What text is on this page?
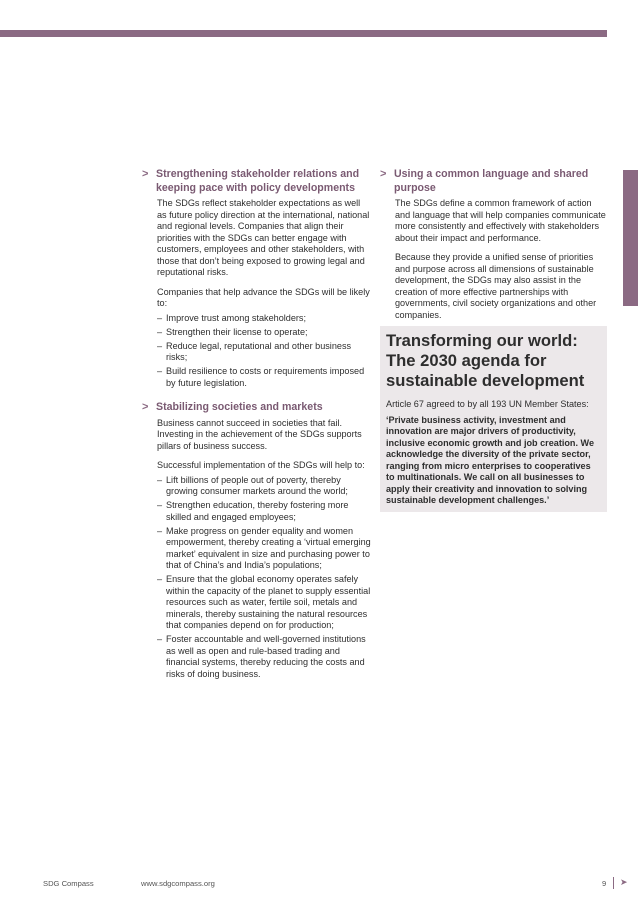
> Strengthening stakeholder relations and keeping pace with policy developments

The SDGs reflect stakeholder expectations as well as future policy direction at the international, national and regional levels. Companies that align their priorities with the SDGs can better engage with customers, employees and other stakeholders, with those that don’t being exposed to growing legal and reputational risks.

Companies that help advance the SDGs will be likely to:

– Improve trust among stakeholders;
– Strengthen their license to operate;
– Reduce legal, reputational and other business risks;
– Build resilience to costs or requirements imposed by future legislation.
> Stabilizing societies and markets

Business cannot succeed in societies that fail. Investing in the achievement of the SDGs supports pillars of business success.

Successful implementation of the SDGs will help to:

– Lift billions of people out of poverty, thereby growing consumer markets around the world;
– Strengthen education, thereby fostering more skilled and engaged employees;
– Make progress on gender equality and women empowerment, thereby creating a ‘virtual emerging market’ equivalent in size and purchasing power to that of China’s and India’s populations;
– Ensure that the global economy operates safely within the capacity of the planet to supply essential resources such as water, fertile soil, metals and minerals, thereby sustaining the natural resources that companies depend on for production;
– Foster accountable and well-governed institutions as well as open and rule-based trading and financial systems, thereby reducing the costs and risks of doing business.
> Using a common language and shared purpose

The SDGs define a common framework of action and language that will help companies communicate more consistently and effectively with stakeholders about their impact and performance.

Because they provide a unified sense of priorities and purpose across all dimensions of sustainable development, the SDGs may also assist in the creation of more effective partnerships with governments, civil society organizations and other companies.

Transforming our world: The 2030 agenda for sustainable development
Article 67 agreed to by all 193 UN Member States:
‘Private business activity, investment and innovation are major drivers of productivity, inclusive economic growth and job creation. We acknowledge the diversity of the private sector, ranging from micro enterprises to cooperatives to multinationals. We call on all businesses to apply their creativity and innovation to solving sustainable development challenges.’
SDG Compass	www.sdgcompass.org	9 ➤
